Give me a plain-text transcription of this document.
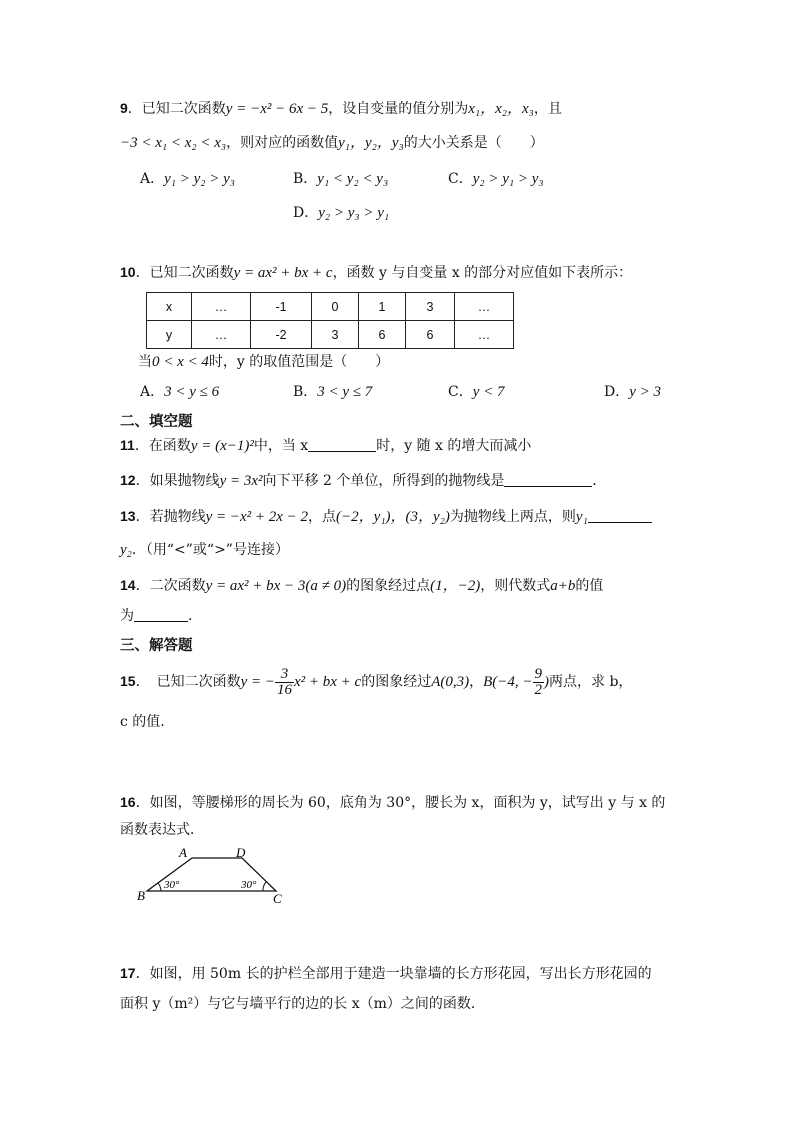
9．已知二次函数y = −x² − 6x − 5，设自变量的值分别为x₁，x₂，x₃，且
−3 < x₁ < x₂ < x₃，则对应的函数值y₁，y₂，y₃的大小关系是（　　）
A．y₁ > y₂ > y₃	B．y₁ < y₂ < y₃	C．y₂ > y₁ > y₃
D．y₂ > y₃ > y₁
10．已知二次函数y = ax² + bx + c，函数 y 与自变量 x 的部分对应值如下表所示：
x	…	-1	0	1	3	…
y	…	-2	3	6	6	…
当0 < x < 4时，y 的取值范围是（　　）
A．3 < y ≤ 6	B．3 < y ≤ 7	C．y < 7	D．y > 3
二、填空题
11．在函数y = (x−1)²中，当 x	时，y 随 x 的增大而减小
12．如果抛物线y = 3x²向下平移 2 个单位，所得到的抛物线是	．
13．若抛物线y = −x² + 2x − 2，点(−2，y₁)，(3，y₂)为抛物线上两点，则y₁
y₂．（用“<”或“>”号连接）
14．二次函数y = ax² + bx − 3(a ≠ 0)的图象经过点(1，−2)，则代数式a+b的值
为	.
三、解答题
15．　已知二次函数y = − $\frac{3}{16} x^2$ + bx + c的图象经过A(0,3)，B(−4, − $\frac{9}{2}$ )两点，求 b，
c 的值.
16．如图，等腰梯形的周长为 60，底角为 30°，腰长为 x，面积为 y，试写出 y 与 x 的
函数表达式．
A	D
B	C
30°	30°
17．如图，用 50m 长的护栏全部用于建造一块靠墙的长方形花园，写出长方形花园的
面积 y（m²）与它与墙平行的边的长 x（m）之间的函数．
